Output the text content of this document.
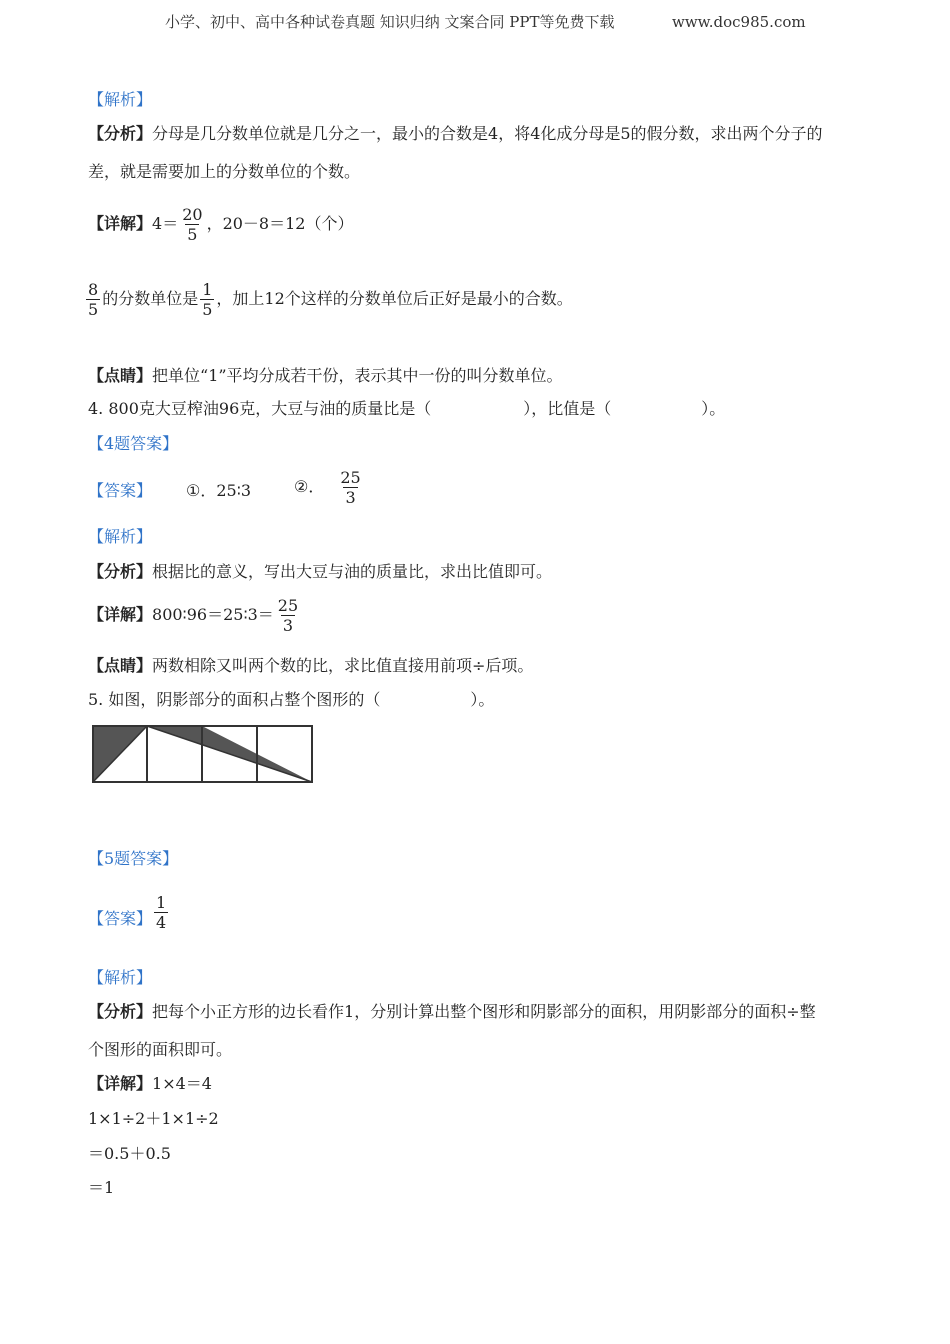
小学、初中、高中各种试卷真题 知识归纳 文案合同 PPT等免费下载	www.doc985.com
【解析】
【分析】分母是几分数单位就是几分之一，最小的合数是4，将4化成分母是5的假分数，求出两个分子的
差，就是需要加上的分数单位的个数。
【详解】$4= \frac{20}{5}$ ，20－8＝12（个）
$\frac{8}{5}$ 的分数单位是 $\frac{1}{5}$ ，加上12个这样的分数单位后正好是最小的合数。
【点睛】把单位“1”平均分成若干份，表示其中一份的叫分数单位。
4. 800克大豆榨油96克，大豆与油的质量比是（	），比值是（	）。
【4题答案】
【答案】 ①．25∶3	②． $\frac{25}{3}$
【解析】
【分析】根据比的意义，写出大豆与油的质量比，求出比值即可。
【详解】800∶96＝25∶3＝ $\frac{25}{3}$
【点睛】两数相除又叫两个数的比，求比值直接用前项÷后项。
5. 如图，阴影部分的面积占整个图形的（	）。
【5题答案】
【答案】 $\frac{1}{4}$
【解析】
【分析】把每个小正方形的边长看作1，分别计算出整个图形和阴影部分的面积，用阴影部分的面积÷整
个图形的面积即可。
【详解】1×4＝4
1×1÷2＋1×1÷2
＝0.5＋0.5
＝1
